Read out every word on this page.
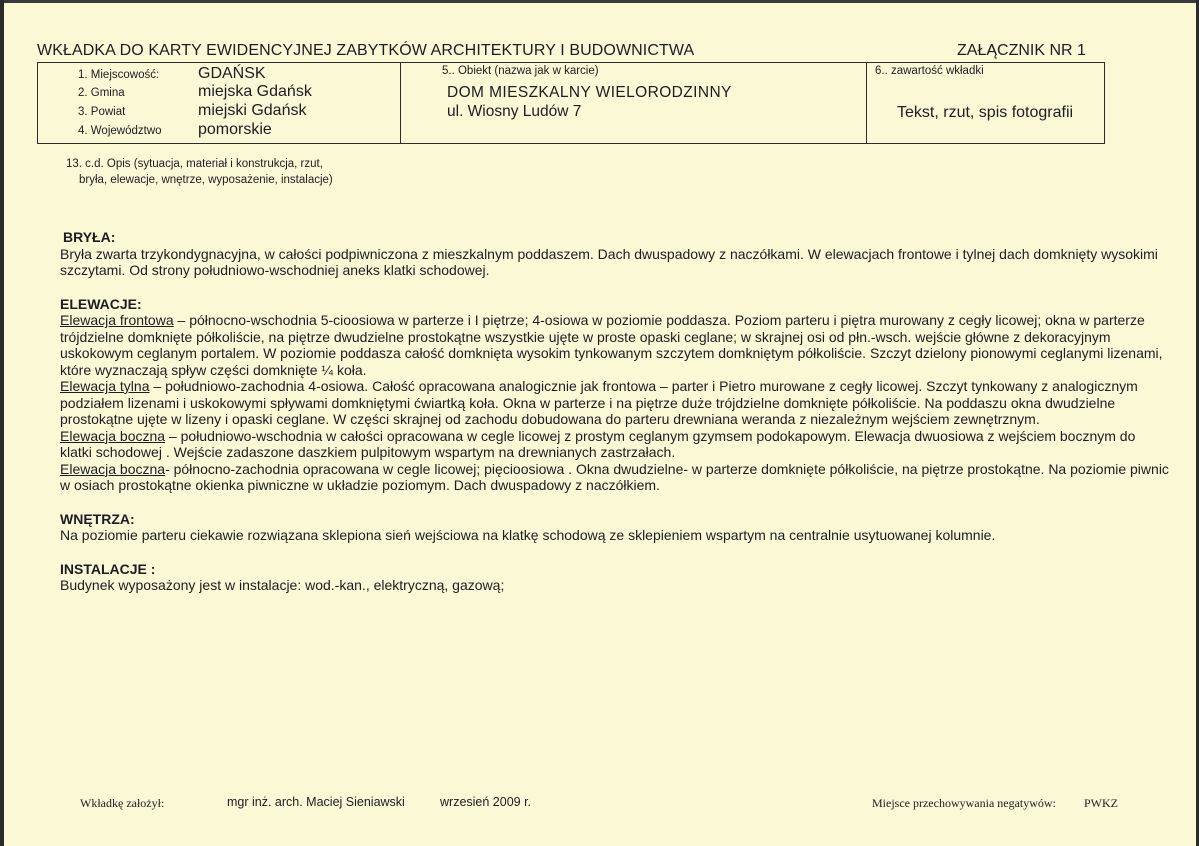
WKŁADKA DO KARTY EWIDENCYJNEJ ZABYTKÓW ARCHITEKTURY I BUDOWNICTWA	ZAŁĄCZNIK NR 1
1. Miejscowość: GDAŃSK
2. Gmina	miejska Gdańsk
3. Powiat	miejski Gdańsk
4. Województwo pomorskie
5.. Obiekt (nazwa jak w karcie)
DOM MIESZKALNY WIELORODZINNY
ul. Wiosny Ludów 7
6.. zawartość wkładki
Tekst, rzut, spis fotografii
13. c.d. Opis (sytuacja, materiał i konstrukcja, rzut,
bryła, elewacje, wnętrze, wyposażenie, instalacje)
BRYŁA:
Bryła zwarta trzykondygnacyjna, w całości podpiwniczona z mieszkalnym poddaszem. Dach dwuspadowy z naczółkami. W elewacjach frontowe i tylnej dach domknięty wysokimi szczytami. Od strony południowo-wschodniej aneks klatki schodowej.
ELEWACJE:
Elewacja frontowa – północno-wschodnia 5-cioosiowa w parterze i I piętrze; 4-osiowa w poziomie poddasza. Poziom parteru i piętra murowany z cegły licowej; okna w parterze trójdzielne domknięte półkoliście, na piętrze dwudzielne prostokątne wszystkie ujęte w proste opaski ceglane; w skrajnej osi od płn.-wsch. wejście główne z dekoracyjnym uskokowym ceglanym portalem. W poziomie poddasza całość domknięta wysokim tynkowanym szczytem domkniętym półkoliście. Szczyt dzielony pionowymi ceglanymi lizenami, które wyznaczają spływ części domknięte ¼ koła.
Elewacja tylna – południowo-zachodnia 4-osiowa. Całość opracowana analogicznie jak frontowa – parter i Pietro murowane z cegły licowej. Szczyt tynkowany z analogicznym podziałem lizenami i uskokowymi spływami domkniętymi ćwiartką koła. Okna w parterze i na piętrze duże trójdzielne domknięte półkoliście. Na poddaszu okna dwudzielne prostokątne ujęte w lizeny i opaski ceglane. W części skrajnej od zachodu dobudowana do parteru drewniana weranda z niezależnym wejściem zewnętrznym.
Elewacja boczna – południowo-wschodnia w całości opracowana w cegle licowej z prostym ceglanym gzymsem podokapowym. Elewacja dwuosiowa z wejściem bocznym do klatki schodowej . Wejście zadaszone daszkiem pulpitowym wspartym na drewnianych zastrzałach.
Elewacja boczna- północno-zachodnia opracowana w cegle licowej; pięcioosiowa . Okna dwudzielne- w parterze domknięte półkoliście, na piętrze prostokątne. Na poziomie piwnic w osiach prostokątne okienka piwniczne w układzie poziomym. Dach dwuspadowy z naczółkiem.
WNĘTRZA:
Na poziomie parteru ciekawie rozwiązana sklepiona sień wejściowa na klatkę schodową ze sklepieniem wspartym na centralnie usytuowanej kolumnie.
INSTALACJE :
Budynek wyposażony jest w instalacje: wod.-kan., elektryczną, gazową;
Wkładkę założył:	mgr inż. arch. Maciej Sieniawski	wrzesień 2009 r.	Miejsce przechowywania negatywów: PWKZ
